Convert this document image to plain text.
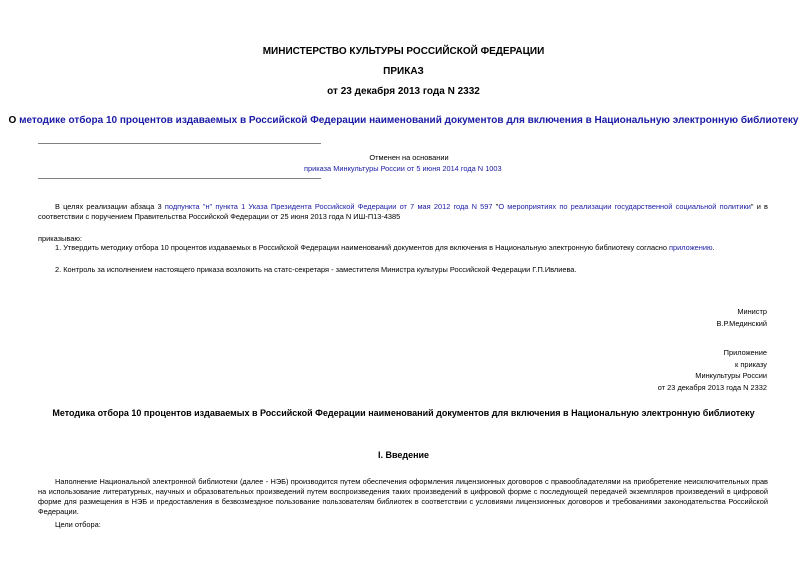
МИНИСТЕРСТВО КУЛЬТУРЫ РОССИЙСКОЙ ФЕДЕРАЦИИ
ПРИКАЗ
от 23 декабря 2013 года N 2332
О методике отбора 10 процентов издаваемых в Российской Федерации наименований документов для включения в Национальную электронную библиотеку
Отменен на основании
приказа Минкультуры России от 5 июня 2014 года N 1003
В целях реализации абзаца 3 подпункта "н" пункта 1 Указа Президента Российской Федерации от 7 мая 2012 года N 597 "О мероприятиях по реализации государственной социальной политики" и в соответствии с поручением Правительства Российской Федерации от 25 июня 2013 года N ИШ-П13-4385
приказываю:
1. Утвердить методику отбора 10 процентов издаваемых в Российской Федерации наименований документов для включения в Национальную электронную библиотеку согласно приложению.
2. Контроль за исполнением настоящего приказа возложить на статс-секретаря - заместителя Министра культуры Российской Федерации Г.П.Ивлиева.
Министр
В.Р.Мединский
Приложение
к приказу
Минкультуры России
от 23 декабря 2013 года N 2332
Методика отбора 10 процентов издаваемых в Российской Федерации наименований документов для включения в Национальную электронную библиотеку
I. Введение
Наполнение Национальной электронной библиотеки (далее - НЭБ) производится путем обеспечения оформления лицензионных договоров с правообладателями на приобретение неисключительных прав на использование литературных, научных и образовательных произведений путем воспроизведения таких произведений в цифровой форме с последующей передачей экземпляров произведений в цифровой форме для размещения в НЭБ и предоставления в безвозмездное пользование пользователям библиотек в соответствии с условиями лицензионных договоров и требованиями законодательства Российской Федерации.
Цели отбора:
